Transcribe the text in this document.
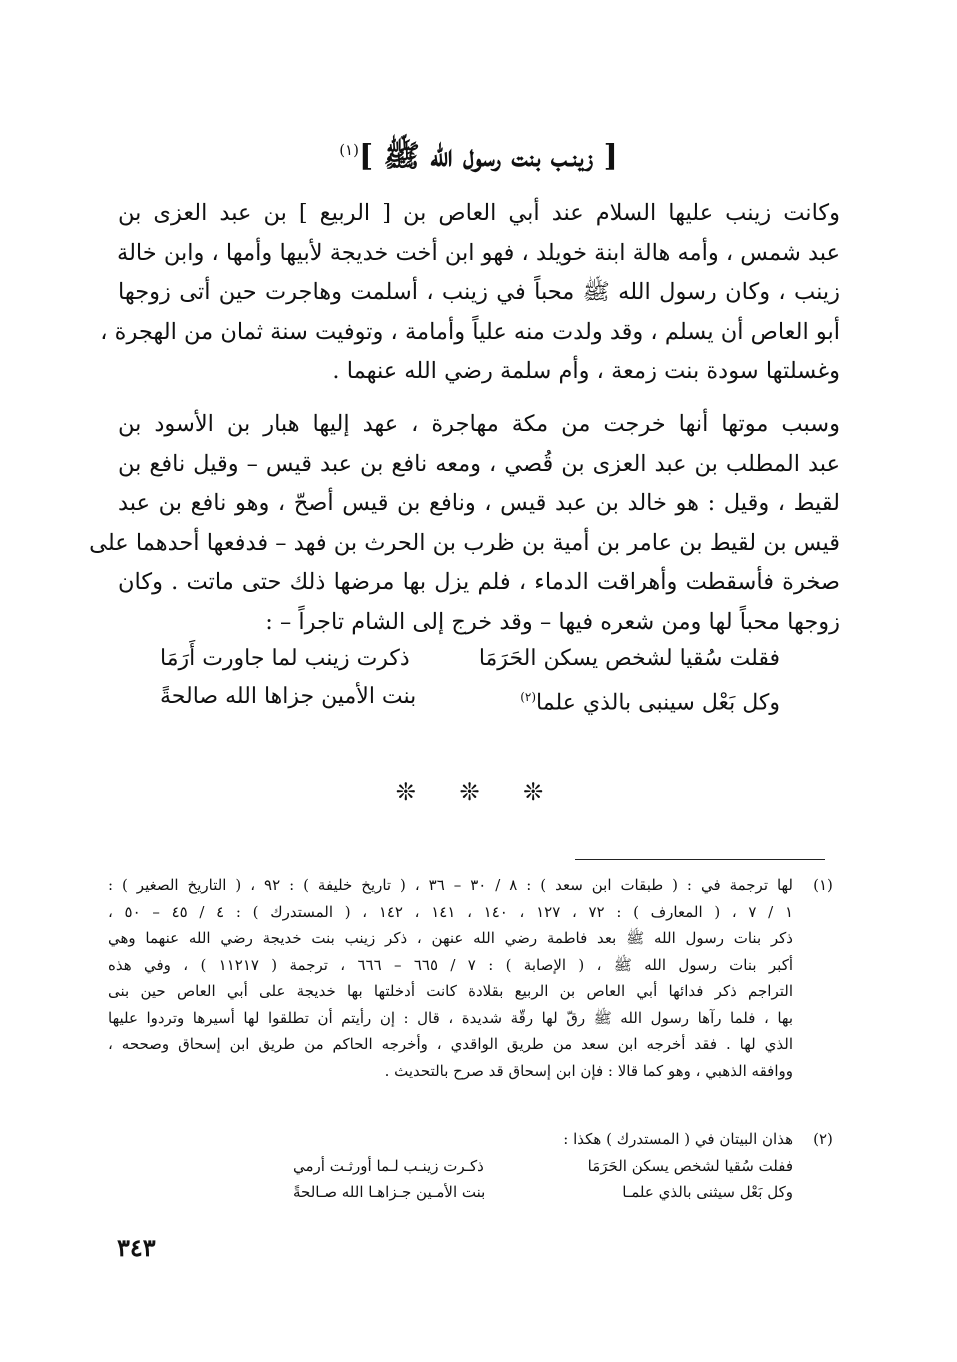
[ زينـب بنت رسول الله ﷺ ]$^{(١)}$
وكانت زينب عليها السلام عند أبي العاص بن [ الربيع ] بن عبد العزى بن
عبد شمس ، وأمه هالة ابنة خويلد ، فهو ابن أخت خديجة لأبيها وأمها ، وابن خالة
زينب ، وكان رسول الله ﷺ محباً في زينب ، أسلمت وهاجرت حين أتى زوجها
أبو العاص أن يسلم ، وقد ولدت منه علياً وأمامة ، وتوفيت سنة ثمان من الهجرة ،
وغسلتها سودة بنت زمعة ، وأم سلمة رضي الله عنهما .
وسبب موتها أنها خرجت من مكة مهاجرة ، عهد إليها هبار بن الأسود بن
عبد المطلب بن عبد العزى بن قُصي ، ومعه نافع بن عبد قيس – وقيل نافع بن
لقيط ، وقيل : هو خالد بن عبد قيس ، ونافع بن قيس أصحّ ، وهو نافع بن عبد
قيس بن لقيط بن عامر بن أمية بن ظرب بن الحرث بن فهد – فدفعها أحدهما على
صخرة فأسقطت وأهراقت الدماء ، فلم يزل بها مرضها ذلك حتى ماتت . وكان
زوجها محباً لها ومن شعره فيها – وقد خرج إلى الشام تاجراً – :
ذكرت زينب لما جاورت أَرَمَا	فقلت سُقيا لشخص يسكن الحَرَمَا
بنت الأمين جزاها الله صالحةً	وكل بَعْل سينبى بالذي علما$^{(٢)}$
❊ ❊ ❊
(١)
لها ترجمة في : ( طبقات ابن سعد ) : ٨ / ٣٠ – ٣٦ ، ( تاريخ خليفة ) : ٩٢ ، ( التاريخ الصغير ) :
١ / ٧ ، ( المعارف ) : ٧٢ ، ١٢٧ ، ١٤٠ ، ١٤١ ، ١٤٢ ، ( المستدرك ) : ٤ / ٤٥ – ٥٠ ،
ذكر بنات رسول الله ﷺ بعد فاطمة رضي الله عنهن ، ذكر زينب بنت خديجة رضي الله عنهما وهي
أكبر بنات رسول الله ﷺ ، ( الإصابة ) : ٧ / ٦٦٥ – ٦٦٦ ، ترجمة ( ١١٢١٧ ) ، وفي هذه
التراجم ذكر فدائها أبي العاص بن الربيع بقلادة كانت أدخلتها بها خديجة على أبي العاص حين بنى
بها ، فلما رآها رسول الله ﷺ رقّ لها رقّة شديدة ، قال : إن رأيتم أن تطلقوا لها أسيرها وتردوا عليها
الذي لها . فقد أخرجه ابن سعد من طريق الواقدي ، وأخرجه الحاكم من طريق ابن إسحاق وصححه ،
ووافقه الذهبي ، وهو كما قالا : فإن ابن إسحاق قد صرح بالتحديث .
(٢)
هذان البيتان في ( المستدرك ) هكذا :
ذكـرت زينـب لـما أورثـت أرمي	ففلت سُقيا لشخص يسكن الحَرَمَا
بنت الأمـين جـزاهـا الله صـالحةً	وكل بَعْل سيثنى بالذي علمـا
٣٤٣
